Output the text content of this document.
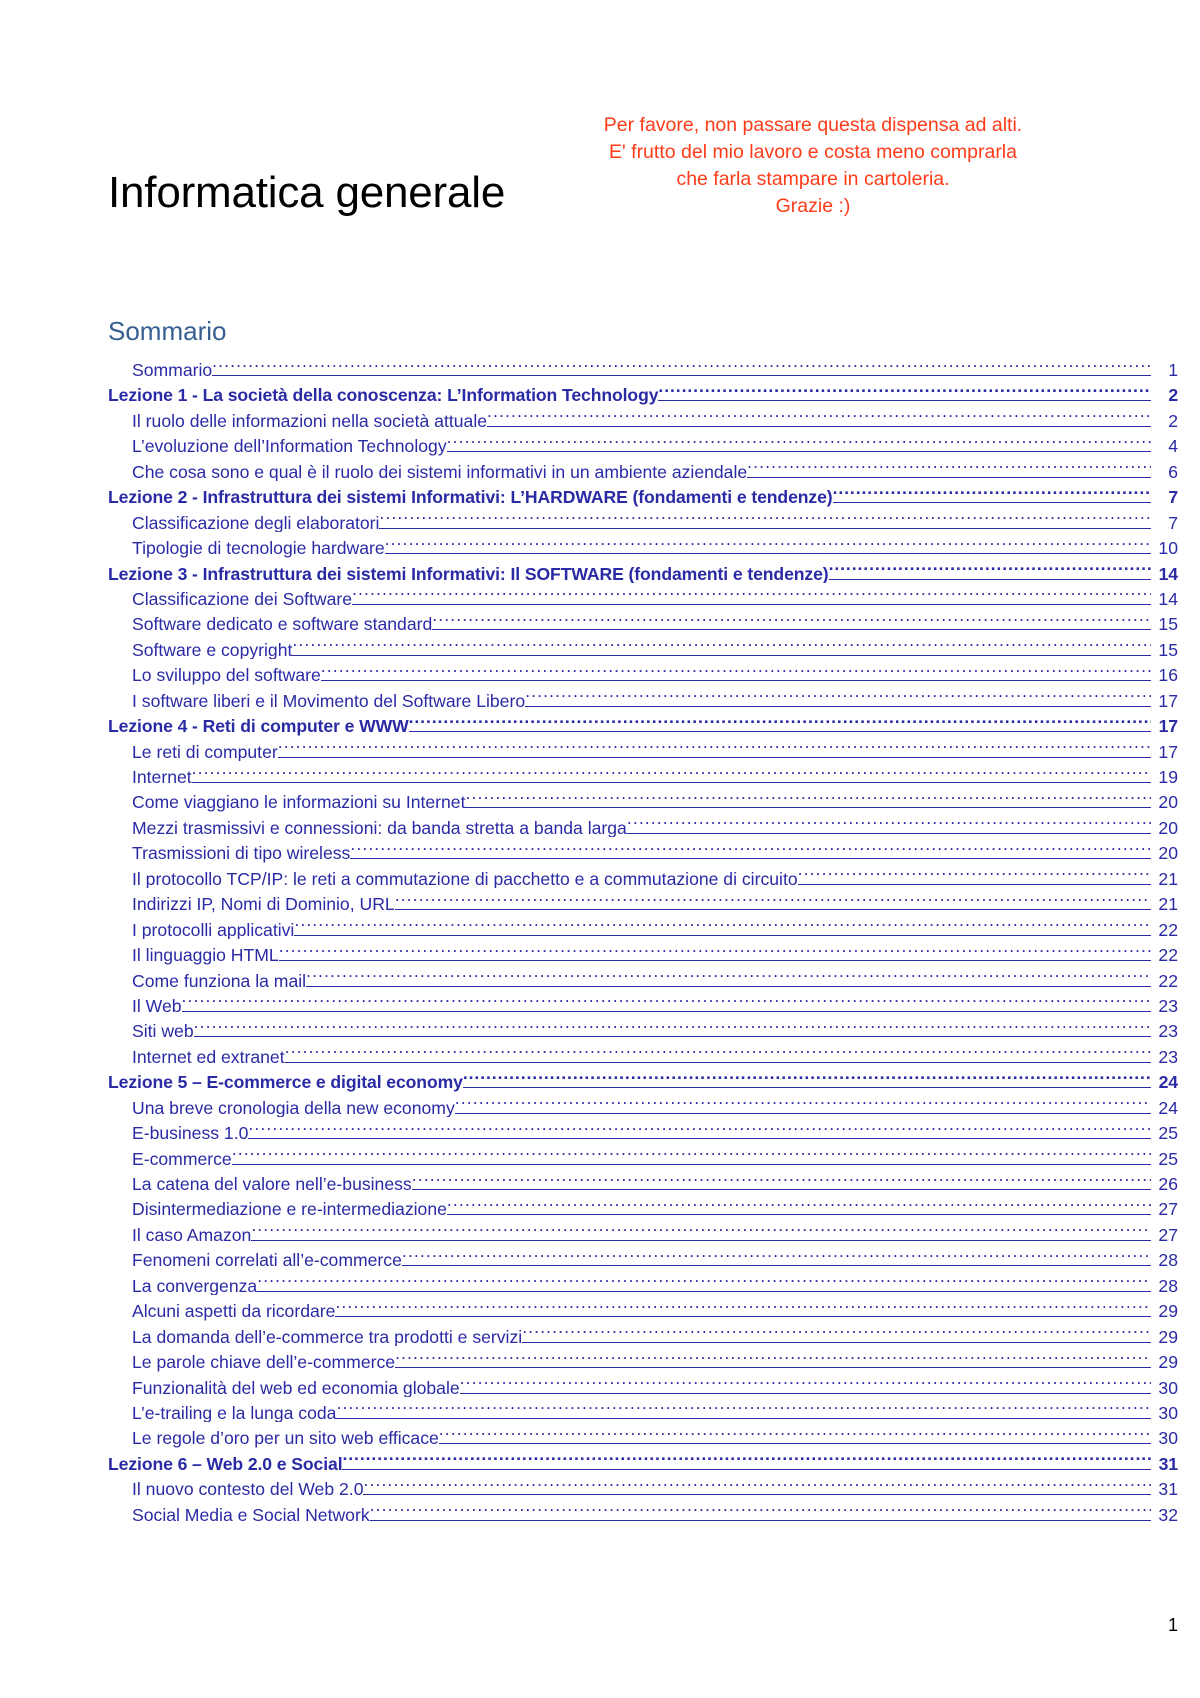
Informatica generale
Per favore, non passare questa dispensa ad alti.
E' frutto del mio lavoro e costa meno comprarla
che farla stampare in cartoleria.
Grazie :)
Sommario
Sommario .....	1
Lezione 1 - La società della conoscenza: L’Information Technology .....	2
Il ruolo delle informazioni nella società attuale .....	2
L’evoluzione dell’Information Technology .....	4
Che cosa sono e qual è il ruolo dei sistemi informativi in un ambiente aziendale .....	6
Lezione 2 - Infrastruttura dei sistemi Informativi: L’HARDWARE (fondamenti e tendenze) .....	7
Classificazione degli elaboratori .....	7
Tipologie di tecnologie hardware .....	10
Lezione 3 - Infrastruttura dei sistemi Informativi: Il SOFTWARE (fondamenti e tendenze) .....	14
Classificazione dei Software .....	14
Software dedicato e software standard .....	15
Software e copyright .....	15
Lo sviluppo del software .....	16
I software liberi e il Movimento del Software Libero .....	17
Lezione 4 - Reti di computer e WWW .....	17
Le reti di computer .....	17
Internet .....	19
Come viaggiano le informazioni su Internet .....	20
Mezzi trasmissivi e connessioni: da banda stretta a banda larga .....	20
Trasmissioni di tipo wireless .....	20
Il protocollo TCP/IP: le reti a commutazione di pacchetto e a commutazione di circuito .....	21
Indirizzi IP, Nomi di Dominio, URL .....	21
I protocolli applicativi .....	22
Il linguaggio HTML .....	22
Come funziona la mail .....	22
Il Web .....	23
Siti web .....	23
Internet ed extranet .....	23
Lezione 5 – E-commerce e digital economy .....	24
Una breve cronologia della new economy .....	24
E-business 1.0 .....	25
E-commerce .....	25
La catena del valore nell’e-business .....	26
Disintermediazione e re-intermediazione .....	27
Il caso Amazon .....	27
Fenomeni correlati all’e-commerce .....	28
La convergenza .....	28
Alcuni aspetti da ricordare .....	29
La domanda dell’e-commerce tra prodotti e servizi .....	29
Le parole chiave dell’e-commerce .....	29
Funzionalità del web ed economia globale .....	30
L’e-trailing e la lunga coda .....	30
Le regole d’oro per un sito web efficace .....	30
Lezione 6 – Web 2.0 e Social .....	31
Il nuovo contesto del Web 2.0 .....	31
Social Media e Social Network .....	32
1
